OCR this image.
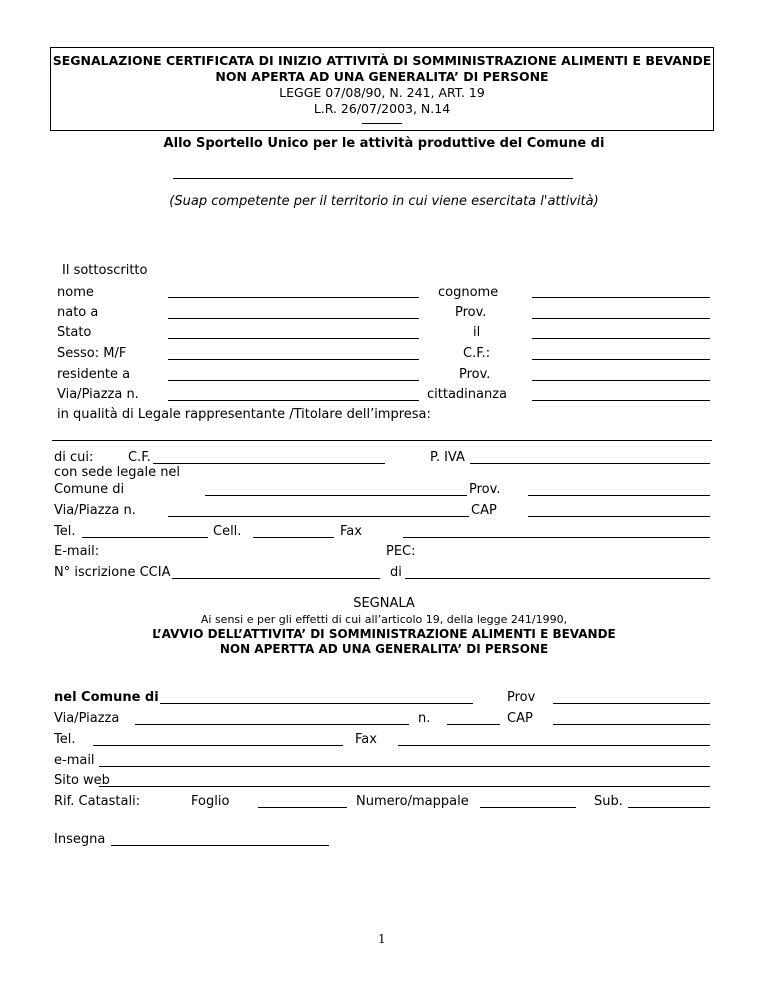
SEGNALAZIONE CERTIFICATA DI INIZIO ATTIVITÀ DI SOMMINISTRAZIONE ALIMENTI E BEVANDE
NON APERTA AD UNA GENERALITA’ DI PERSONE
LEGGE 07/08/90, N. 241, ART. 19
L.R. 26/07/2003, N.14
________________
Allo Sportello Unico per le attività produttive del Comune di
(Suap competente per il territorio in cui viene esercitata l'attività)
Il sottoscritto
nome	cognome
nato a	Prov.
Stato	il
Sesso: M/F	C.F.:
residente a	Prov.
Via/Piazza n.	cittadinanza
in qualità di Legale rappresentante /Titolare dell’impresa:
di cui:	C.F.	P. IVA
con sede legale nel
Comune di	Prov.
Via/Piazza n.	CAP
Tel.	Cell.	Fax
E-mail:	PEC:
N° iscrizione CCIA	di
SEGNALA
Ai sensi e per gli effetti di cui all’articolo 19, della legge 241/1990,
L’AVVIO DELL’ATTIVITA’ DI SOMMINISTRAZIONE ALIMENTI E BEVANDE
NON APERTTA AD UNA GENERALITA’ DI PERSONE
nel Comune di	Prov
Via/Piazza	n.	CAP
Tel.	Fax
e-mail
Sito web
Rif. Catastali:	Foglio	Numero/mappale	Sub.
Insegna
1
